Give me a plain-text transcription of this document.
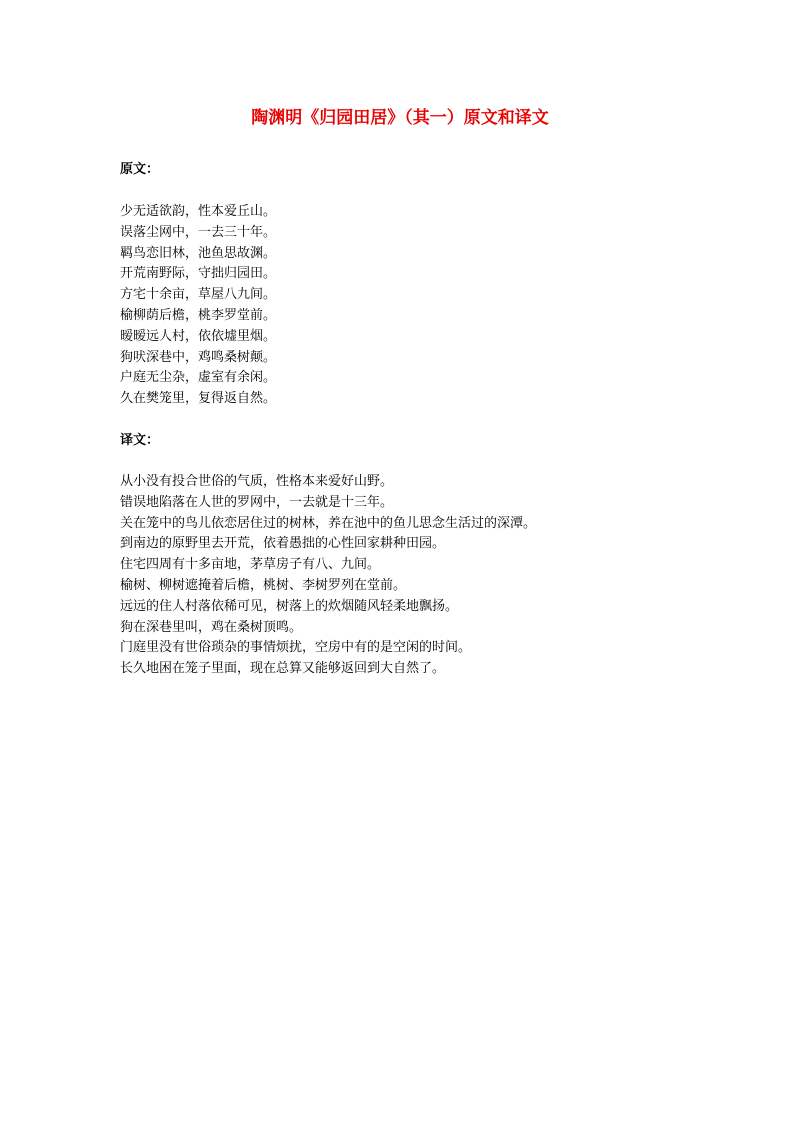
陶渊明《归园田居》（其一）原文和译文
原文：
少无适欲韵，性本爱丘山。
误落尘网中，一去三十年。
羁鸟恋旧林，池鱼思故渊。
开荒南野际，守拙归园田。
方宅十余亩，草屋八九间。
榆柳荫后檐，桃李罗堂前。
暧暧远人村，依依墟里烟。
狗吠深巷中，鸡鸣桑树颠。
户庭无尘杂，虚室有余闲。
久在樊笼里，复得返自然。
译文：
从小没有投合世俗的气质，性格本来爱好山野。
错误地陷落在人世的罗网中，一去就是十三年。
关在笼中的鸟儿依恋居住过的树林，养在池中的鱼儿思念生活过的深潭。
到南边的原野里去开荒，依着愚拙的心性回家耕种田园。
住宅四周有十多亩地，茅草房子有八、九间。
榆树、柳树遮掩着后檐，桃树、李树罗列在堂前。
远远的住人村落依稀可见，树落上的炊烟随风轻柔地飘扬。
狗在深巷里叫，鸡在桑树顶鸣。
门庭里没有世俗琐杂的事情烦扰，空房中有的是空闲的时间。
长久地困在笼子里面，现在总算又能够返回到大自然了。
